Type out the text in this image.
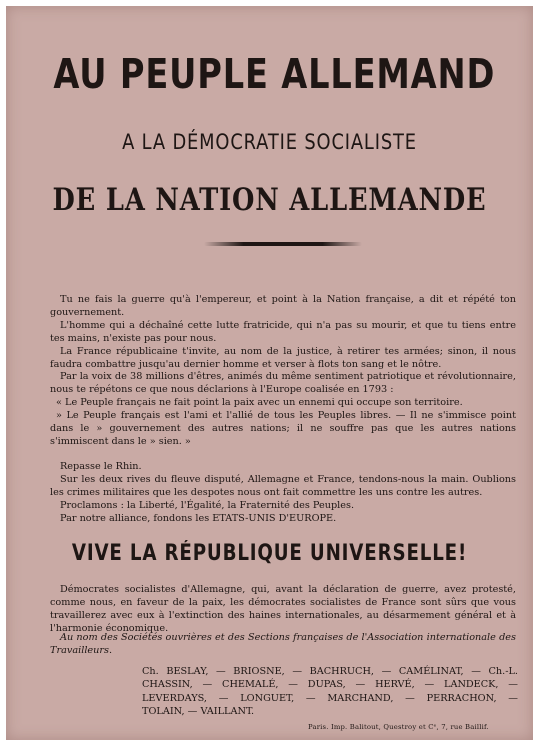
AU PEUPLE ALLEMAND
A LA DÉMOCRATIE SOCIALISTE
DE LA NATION ALLEMANDE

Tu ne fais la guerre qu'à l'empereur, et point à la Nation française, a dit et répété ton gouvernement.

L'homme qui a déchaîné cette lutte fratricide, qui n'a pas su mourir, et que tu tiens entre tes mains, n'existe pas pour nous.

La France républicaine t'invite, au nom de la justice, à retirer tes armées; sinon, il nous faudra combattre jusqu'au dernier homme et verser à flots ton sang et le nôtre.

Par la voix de 38 millions d'êtres, animés du même sentiment patriotique et révolutionnaire, nous te répétons ce que nous déclarions à l'Europe coalisée en 1793 :

« Le Peuple français ne fait point la paix avec un ennemi qui occupe son territoire.

» Le Peuple français est l'ami et l'allié de tous les Peuples libres. — Il ne s'immisce point dans le » gouvernement des autres nations; il ne souffre pas que les autres nations s'immiscent dans le » sien. »

Repasse le Rhin.

Sur les deux rives du fleuve disputé, Allemagne et France, tendons-nous la main. Oublions les crimes militaires que les despotes nous ont fait commettre les uns contre les autres.

Proclamons : la Liberté, l'Égalité, la Fraternité des Peuples.

Par notre alliance, fondons les ETATS-UNIS D'EUROPE.

VIVE LA RÉPUBLIQUE UNIVERSELLE!

Démocrates socialistes d'Allemagne, qui, avant la déclaration de guerre, avez protesté, comme nous, en faveur de la paix, les démocrates socialistes de France sont sûrs que vous travaillerez avec eux à l'extinction des haines internationales, au désarmement général et à l'harmonie économique.

Au nom des Sociétés ouvrières et des Sections françaises de l'Association internationale des Travailleurs.
Ch. BESLAY, — BRIOSNE, — BACHRUCH, — CAMÉLINAT, — Ch.-L.
CHASSIN, — CHEMALÉ, — DUPAS, — HERVÉ, — LANDECK, —
LEVERDAYS, — LONGUET, — MARCHAND, — PERRACHON, —
TOLAIN, — VAILLANT.
Paris. Imp. Balitout, Questroy et Cᵉ, 7, rue Baillif.
